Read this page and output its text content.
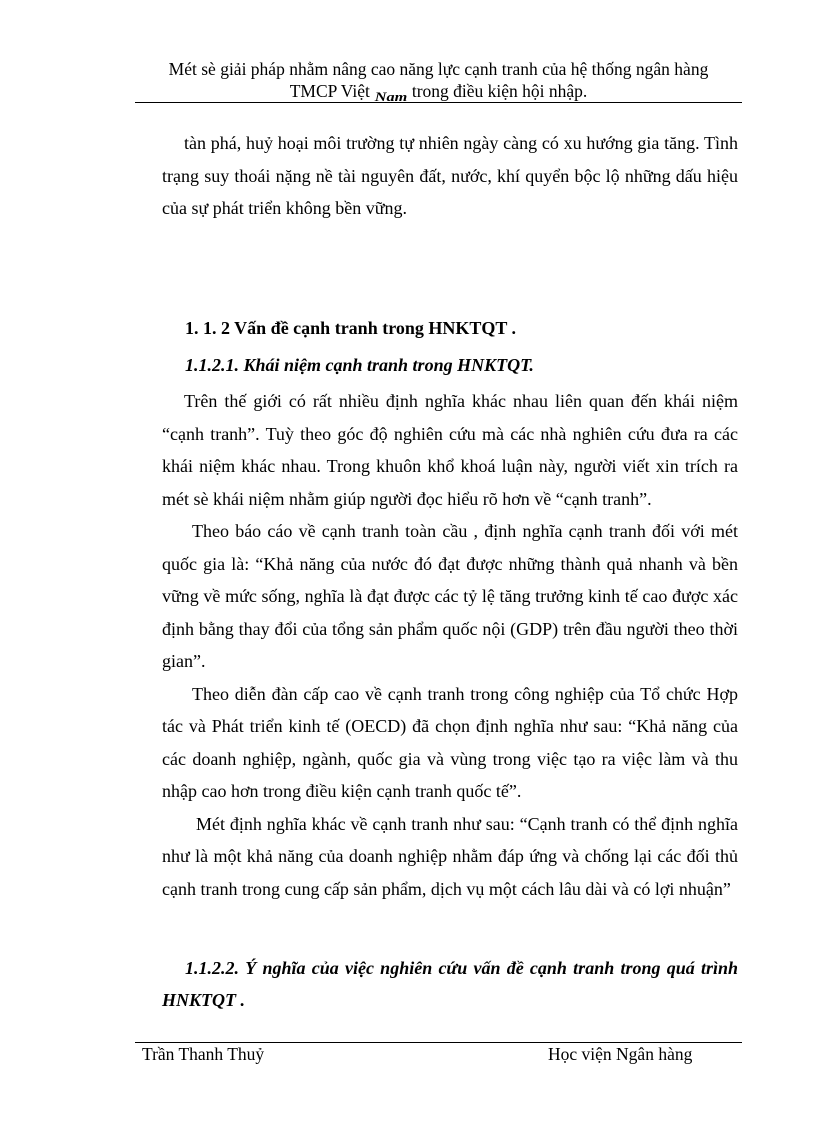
Mét sè giải pháp nhằm nâng cao năng lực cạnh tranh của hệ thống ngân hàng
TMCP Việt Nam trong điều kiện hội nhập.

tàn phá, huỷ hoại môi trường tự nhiên ngày càng có xu hướng gia tăng. Tình trạng suy thoái nặng nề tài nguyên đất, nước, khí quyển bộc lộ những dấu hiệu của sự phát triển không bền vững.

1. 1. 2 Vấn đề cạnh tranh trong HNKTQT .
1.1.2.1. Khái niệm cạnh tranh trong HNKTQT.

Trên thế giới có rất nhiều định nghĩa khác nhau liên quan đến khái niệm “cạnh tranh”. Tuỳ theo góc độ nghiên cứu mà các nhà nghiên cứu đưa ra các khái niệm khác nhau. Trong khuôn khổ khoá luận này, người viết xin trích ra mét sè khái niệm nhằm giúp người đọc hiểu rõ hơn về “cạnh tranh”.

Theo báo cáo về cạnh tranh toàn cầu , định nghĩa cạnh tranh đối với mét quốc gia là: “Khả năng của nước đó đạt được những thành quả nhanh và bền vững về mức sống, nghĩa là đạt được các tỷ lệ tăng trưởng kinh tế cao được xác định bằng thay đổi của tổng sản phẩm quốc nội (GDP) trên đầu người theo thời gian”.

Theo diễn đàn cấp cao về cạnh tranh trong công nghiệp của Tổ chức Hợp tác và Phát triển kinh tế (OECD) đã chọn định nghĩa như sau: “Khả năng của các doanh nghiệp, ngành, quốc gia và vùng trong việc tạo ra việc làm và thu nhập cao hơn trong điều kiện cạnh tranh quốc tế”.

Mét định nghĩa khác về cạnh tranh như sau: “Cạnh tranh có thể định nghĩa như là một khả năng của doanh nghiệp nhằm đáp ứng và chống lại các đối thủ cạnh tranh trong cung cấp sản phẩm, dịch vụ một cách lâu dài và có lợi nhuận”

1.1.2.2. Ý nghĩa của việc nghiên cứu vấn đề cạnh tranh trong quá trình HNKTQT .
Trần Thanh Thuỷ	Học viện Ngân hàng
